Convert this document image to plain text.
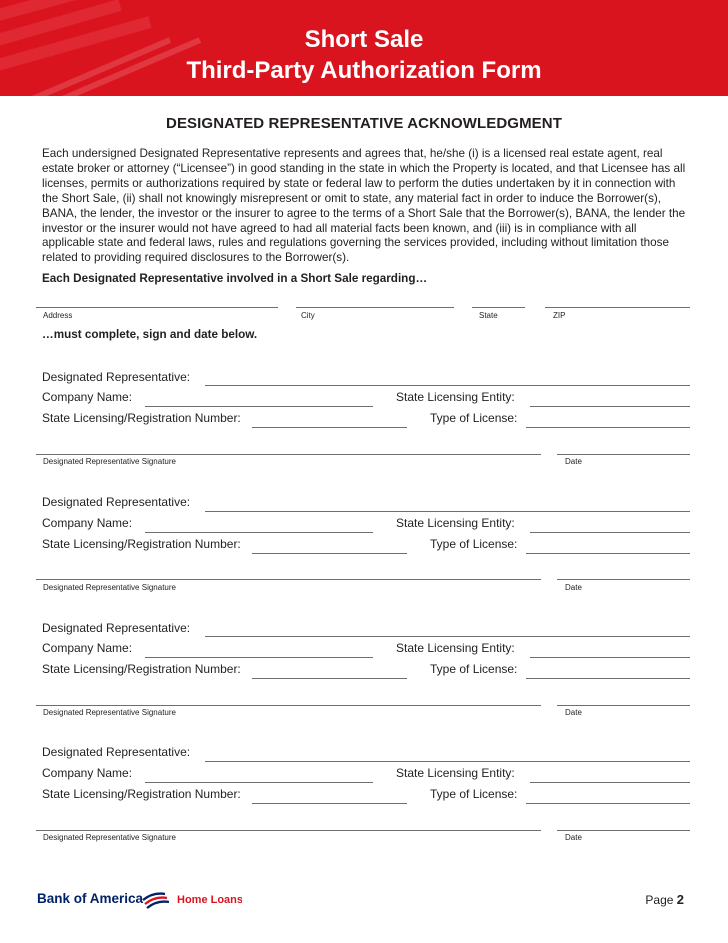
Short Sale
Third-Party Authorization Form
DESIGNATED REPRESENTATIVE ACKNOWLEDGMENT
Each undersigned Designated Representative represents and agrees that, he/she (i) is a licensed real estate agent, real estate broker or attorney (“Licensee”) in good standing in the state in which the Property is located, and that Licensee has all licenses, permits or authorizations required by state or federal law to perform the duties undertaken by it in connection with the Short Sale, (ii) shall not knowingly misrepresent or omit to state, any material fact in order to induce the Borrower(s), BANA, the lender, the investor or the insurer to agree to the terms of a Short Sale that the Borrower(s), BANA, the lender the investor or the insurer would not have agreed to had all material facts been known, and (iii) is in compliance with all applicable state and federal laws, rules and regulations governing the services provided, including without limitation those related to providing required disclosures to the Borrower(s).
Each Designated Representative involved in a Short Sale regarding…
Address	City	State	ZIP
…must complete, sign and date below.
Designated Representative:
Company Name:	State Licensing Entity:
State Licensing/Registration Number:	Type of License:
Designated Representative Signature	Date
Designated Representative:
Company Name:	State Licensing Entity:
State Licensing/Registration Number:	Type of License:
Designated Representative Signature	Date
Designated Representative:
Company Name:	State Licensing Entity:
State Licensing/Registration Number:	Type of License:
Designated Representative Signature	Date
Designated Representative:
Company Name:	State Licensing Entity:
State Licensing/Registration Number:	Type of License:
Designated Representative Signature	Date
Bank of America	Home Loans	Page 2
